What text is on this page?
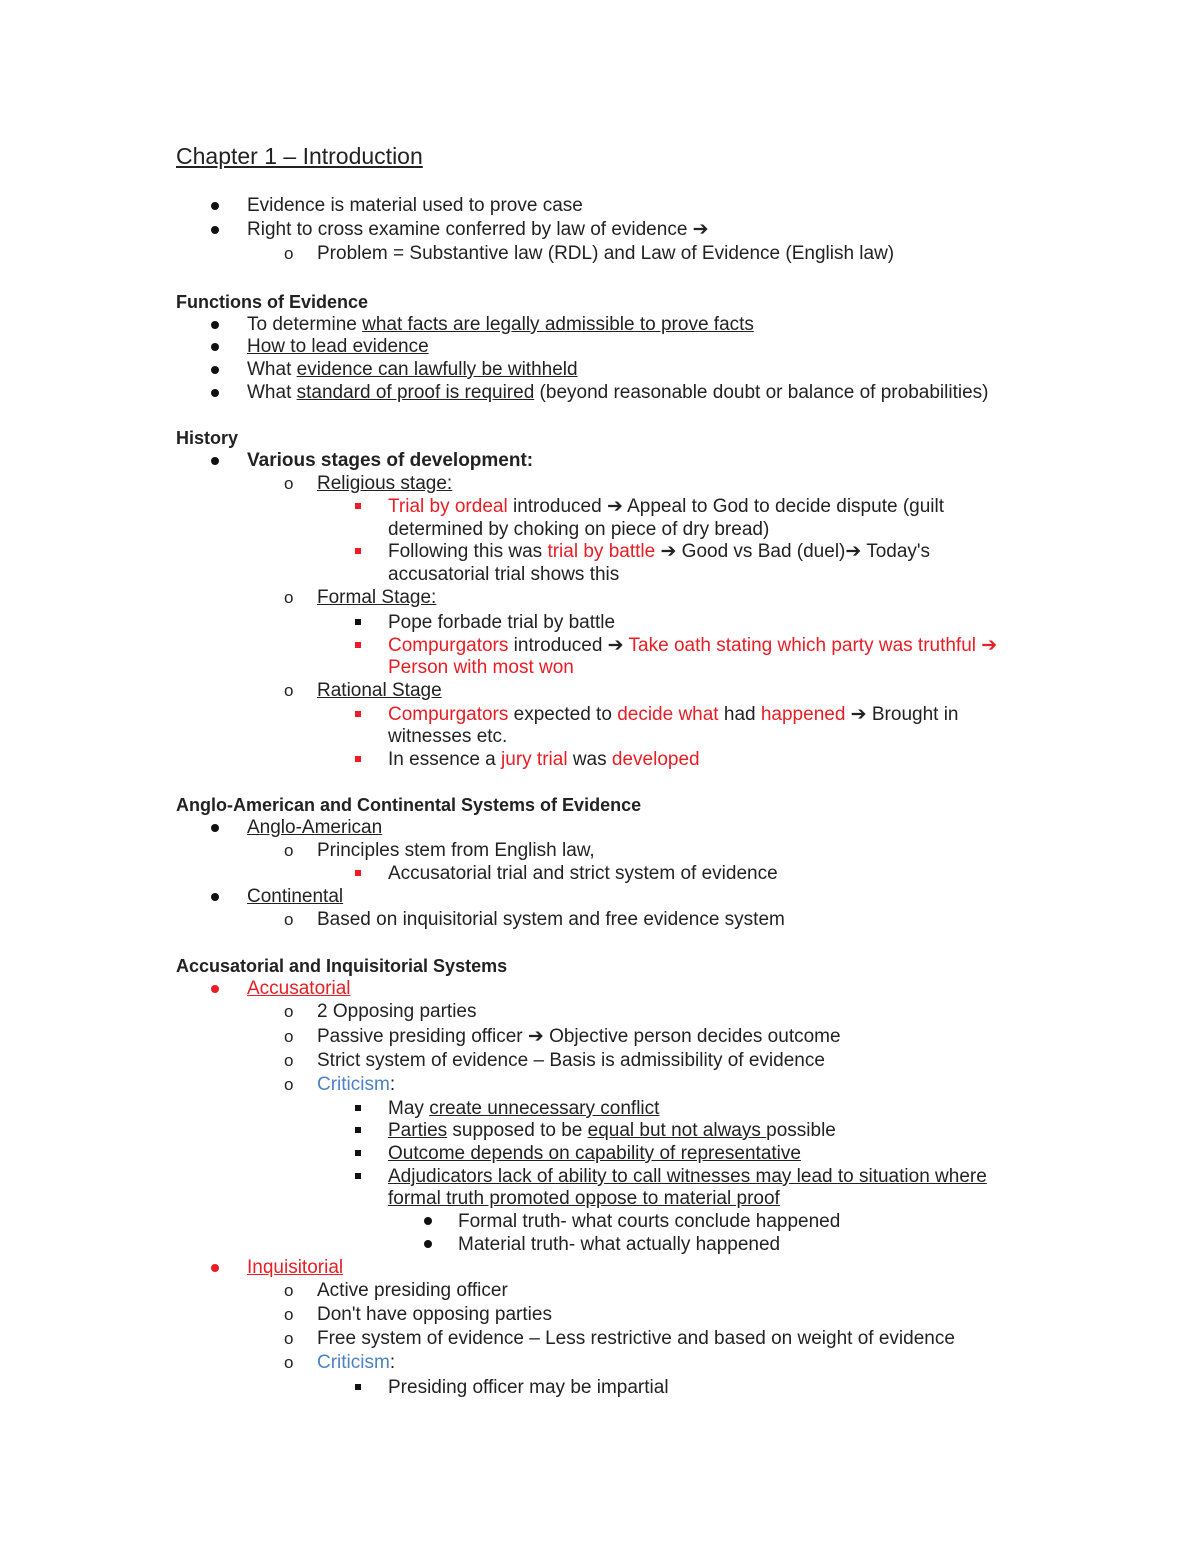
Chapter 1 – Introduction
Evidence is material used to prove case
Right to cross examine conferred by law of evidence ➔
o Problem = Substantive law (RDL) and Law of Evidence (English law)
Functions of Evidence
To determine what facts are legally admissible to prove facts
How to lead evidence
What evidence can lawfully be withheld
What standard of proof is required (beyond reasonable doubt or balance of probabilities)
History
Various stages of development:
o Religious stage:
Trial by ordeal introduced ➔ Appeal to God to decide dispute (guilt
determined by choking on piece of dry bread)
Following this was trial by battle ➔ Good vs Bad (duel)➔ Today's
accusatorial trial shows this
o Formal Stage:
Pope forbade trial by battle
Compurgators introduced ➔ Take oath stating which party was truthful ➔
Person with most won
o Rational Stage
Compurgators expected to decide what had happened ➔ Brought in
witnesses etc.
In essence a jury trial was developed
Anglo-American and Continental Systems of Evidence
Anglo-American
o Principles stem from English law,
Accusatorial trial and strict system of evidence
Continental
o Based on inquisitorial system and free evidence system
Accusatorial and Inquisitorial Systems
Accusatorial
o 2 Opposing parties
o Passive presiding officer ➔ Objective person decides outcome
o Strict system of evidence – Basis is admissibility of evidence
o Criticism:
May create unnecessary conflict
Parties supposed to be equal but not always possible
Outcome depends on capability of representative
Adjudicators lack of ability to call witnesses may lead to situation where
formal truth promoted oppose to material proof
Formal truth- what courts conclude happened
Material truth- what actually happened
Inquisitorial
o Active presiding officer
o Don't have opposing parties
o Free system of evidence – Less restrictive and based on weight of evidence
o Criticism:
Presiding officer may be impartial
